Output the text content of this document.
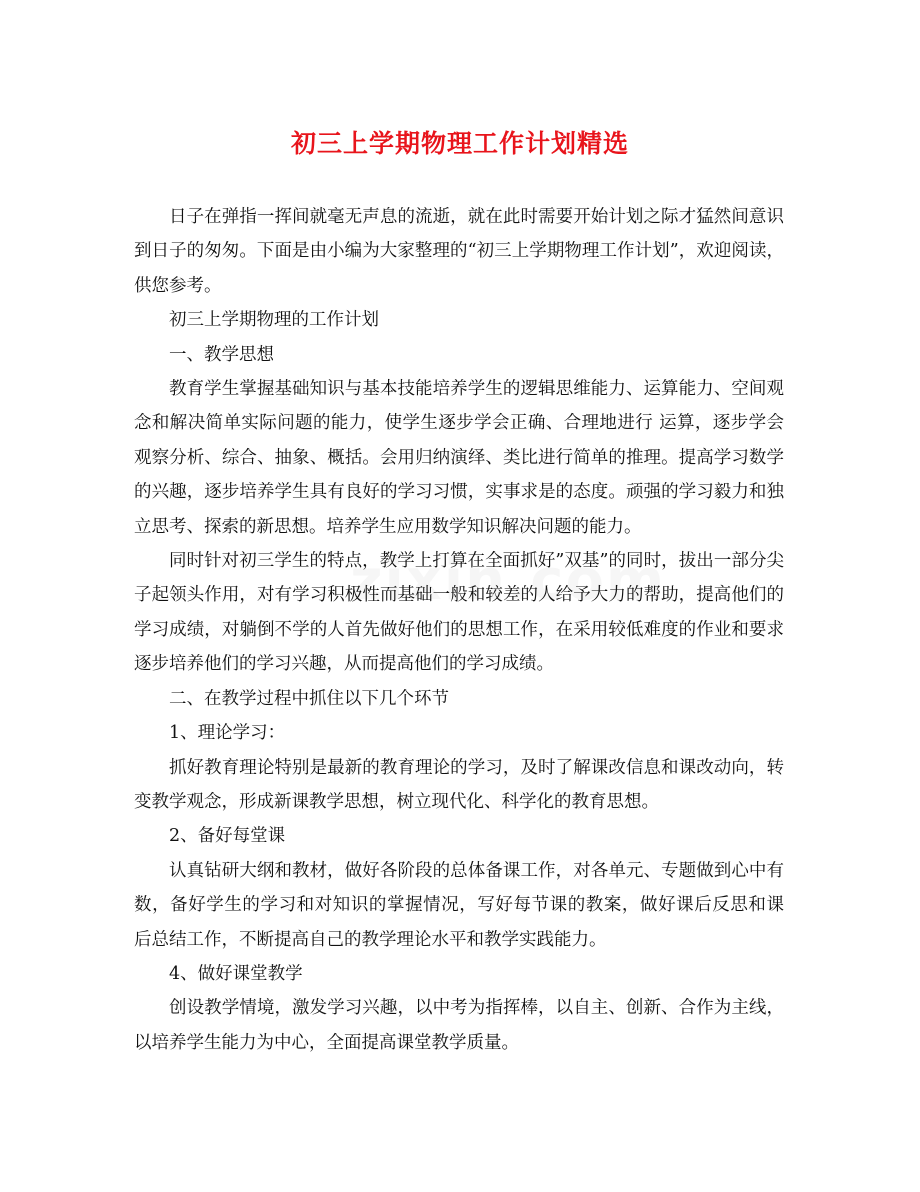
初三上学期物理工作计划精选

日子在弹指一挥间就毫无声息的流逝，就在此时需要开始计划之际才猛然间意识到日子的匆匆。下面是由小编为大家整理的“初三上学期物理工作计划”，欢迎阅读，供您参考。

初三上学期物理的工作计划

一、教学思想

教育学生掌握基础知识与基本技能培养学生的逻辑思维能力、运算能力、空间观念和解决简单实际问题的能力，使学生逐步学会正确、合理地进行 运算，逐步学会观察分析、综合、抽象、概括。会用归纳演绎、类比进行简单的推理。提高学习数学的兴趣，逐步培养学生具有良好的学习习惯，实事求是的态度。顽强的学习毅力和独立思考、探索的新思想。培养学生应用数学知识解决问题的能力。

同时针对初三学生的特点，教学上打算在全面抓好”双基”的同时，拔出一部分尖子起领头作用，对有学习积极性而基础一般和较差的人给予大力的帮助，提高他们的学习成绩，对躺倒不学的人首先做好他们的思想工作，在采用较低难度的作业和要求逐步培养他们的学习兴趣，从而提高他们的学习成绩。

二、在教学过程中抓住以下几个环节

1、理论学习：

抓好教育理论特别是最新的教育理论的学习，及时了解课改信息和课改动向，转变教学观念，形成新课教学思想，树立现代化、科学化的教育思想。

2、备好每堂课

认真钻研大纲和教材，做好各阶段的总体备课工作，对各单元、专题做到心中有数，备好学生的学习和对知识的掌握情况，写好每节课的教案，做好课后反思和课 后总结工作，不断提高自己的教学理论水平和教学实践能力。

4、做好课堂教学

创设教学情境，激发学习兴趣，以中考为指挥棒，以自主、创新、合作为主线，以培养学生能力为中心，全面提高课堂教学质量。
